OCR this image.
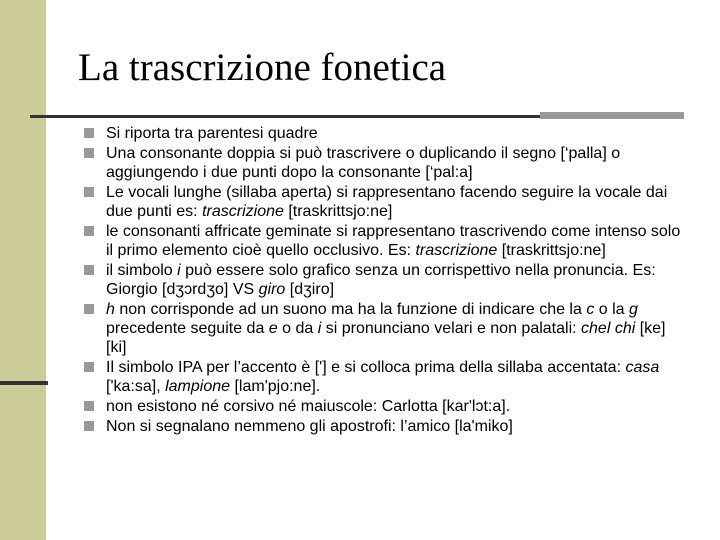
La trascrizione fonetica
Si riporta tra parentesi quadre
Una consonante doppia si può trascrivere o duplicando il segno [‘palla] o aggiungendo i due punti dopo la consonante [‘pal:a]
Le vocali lunghe (sillaba aperta) si rappresentano facendo seguire la vocale dai due punti es: trascrizione [traskrittsjo:ne]
le consonanti affricate geminate si rappresentano trascrivendo come intenso solo il primo elemento cioè quello occlusivo. Es: trascrizione [traskrittsjo:ne]
il simbolo i può essere solo grafico senza un corrispettivo nella pronuncia. Es: Giorgio [dʒɔrdʒo] VS giro [dʒiro]
h non corrisponde ad un suono ma ha la funzione di indicare che la c o la g precedente seguite da e o da i si pronunciano velari e non palatali: chel chi [ke] [ki]
Il simbolo IPA per l’accento è ['] e si colloca prima della sillaba accentata: casa ['ka:sa], lampione [lam'pjo:ne].
non esistono né corsivo né maiuscole: Carlotta [kar'lɔt:a].
Non si segnalano nemmeno gli apostrofi: l’amico [la'miko]
